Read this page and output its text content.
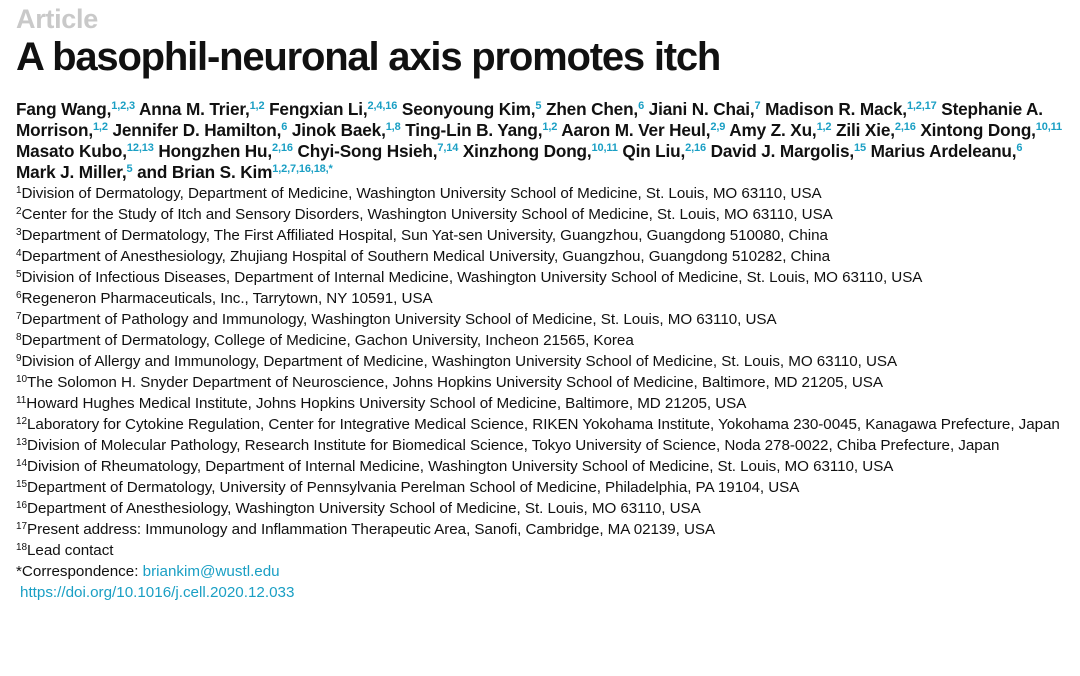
Article

A basophil-neuronal axis promotes itch

Fang Wang,$^{1,2,3}$ Anna M. Trier,$^{1,2}$ Fengxian Li,$^{2,4,16}$ Seonyoung Kim,$^5$ Zhen Chen,$^6$ Jiani N. Chai,$^7$ Madison R. Mack,$^{1,2,17}$ Stephanie A. Morrison,$^{1,2}$ Jennifer D. Hamilton,$^6$ Jinok Baek,$^{1,8}$ Ting-Lin B. Yang,$^{1,2}$ Aaron M. Ver Heul,$^{2,9}$ Amy Z. Xu,$^{1,2}$ Zili Xie,$^{2,16}$ Xintong Dong,$^{10,11}$ Masato Kubo,$^{12,13}$ Hongzhen Hu,$^{2,16}$ Chyi-Song Hsieh,$^{7,14}$ Xinzhong Dong,$^{10,11}$ Qin Liu,$^{2,16}$ David J. Margolis,$^{15}$ Marius Ardeleanu,$^6$ Mark J. Miller,$^5$ and Brian S. Kim$^{1,2,7,16,18,*}$

$^1$Division of Dermatology, Department of Medicine, Washington University School of Medicine, St. Louis, MO 63110, USA

$^2$Center for the Study of Itch and Sensory Disorders, Washington University School of Medicine, St. Louis, MO 63110, USA

$^3$Department of Dermatology, The First Affiliated Hospital, Sun Yat-sen University, Guangzhou, Guangdong 510080, China

$^4$Department of Anesthesiology, Zhujiang Hospital of Southern Medical University, Guangzhou, Guangdong 510282, China

$^5$Division of Infectious Diseases, Department of Internal Medicine, Washington University School of Medicine, St. Louis, MO 63110, USA

$^6$Regeneron Pharmaceuticals, Inc., Tarrytown, NY 10591, USA

$^7$Department of Pathology and Immunology, Washington University School of Medicine, St. Louis, MO 63110, USA

$^8$Department of Dermatology, College of Medicine, Gachon University, Incheon 21565, Korea

$^9$Division of Allergy and Immunology, Department of Medicine, Washington University School of Medicine, St. Louis, MO 63110, USA

$^{10}$The Solomon H. Snyder Department of Neuroscience, Johns Hopkins University School of Medicine, Baltimore, MD 21205, USA

$^{11}$Howard Hughes Medical Institute, Johns Hopkins University School of Medicine, Baltimore, MD 21205, USA

$^{12}$Laboratory for Cytokine Regulation, Center for Integrative Medical Science, RIKEN Yokohama Institute, Yokohama 230-0045, Kanagawa Prefecture, Japan

$^{13}$Division of Molecular Pathology, Research Institute for Biomedical Science, Tokyo University of Science, Noda 278-0022, Chiba Prefecture, Japan

$^{14}$Division of Rheumatology, Department of Internal Medicine, Washington University School of Medicine, St. Louis, MO 63110, USA

$^{15}$Department of Dermatology, University of Pennsylvania Perelman School of Medicine, Philadelphia, PA 19104, USA

$^{16}$Department of Anesthesiology, Washington University School of Medicine, St. Louis, MO 63110, USA

$^{17}$Present address: Immunology and Inflammation Therapeutic Area, Sanofi, Cambridge, MA 02139, USA

$^{18}$Lead contact

*Correspondence: briankim@wustl.edu

https://doi.org/10.1016/j.cell.2020.12.033
